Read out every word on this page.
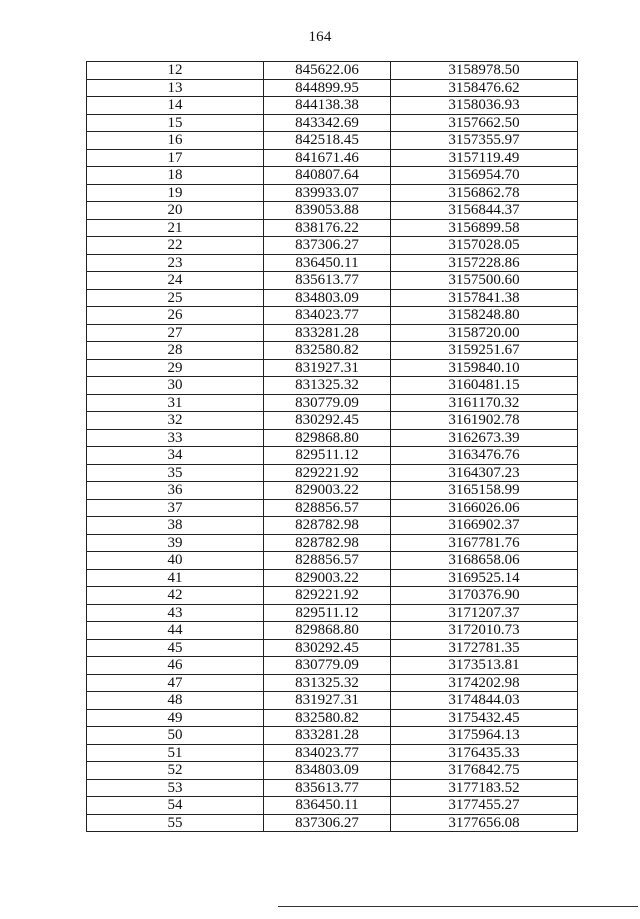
164
12	845622.06	3158978.50
13	844899.95	3158476.62
14	844138.38	3158036.93
15	843342.69	3157662.50
16	842518.45	3157355.97
17	841671.46	3157119.49
18	840807.64	3156954.70
19	839933.07	3156862.78
20	839053.88	3156844.37
21	838176.22	3156899.58
22	837306.27	3157028.05
23	836450.11	3157228.86
24	835613.77	3157500.60
25	834803.09	3157841.38
26	834023.77	3158248.80
27	833281.28	3158720.00
28	832580.82	3159251.67
29	831927.31	3159840.10
30	831325.32	3160481.15
31	830779.09	3161170.32
32	830292.45	3161902.78
33	829868.80	3162673.39
34	829511.12	3163476.76
35	829221.92	3164307.23
36	829003.22	3165158.99
37	828856.57	3166026.06
38	828782.98	3166902.37
39	828782.98	3167781.76
40	828856.57	3168658.06
41	829003.22	3169525.14
42	829221.92	3170376.90
43	829511.12	3171207.37
44	829868.80	3172010.73
45	830292.45	3172781.35
46	830779.09	3173513.81
47	831325.32	3174202.98
48	831927.31	3174844.03
49	832580.82	3175432.45
50	833281.28	3175964.13
51	834023.77	3176435.33
52	834803.09	3176842.75
53	835613.77	3177183.52
54	836450.11	3177455.27
55	837306.27	3177656.08
